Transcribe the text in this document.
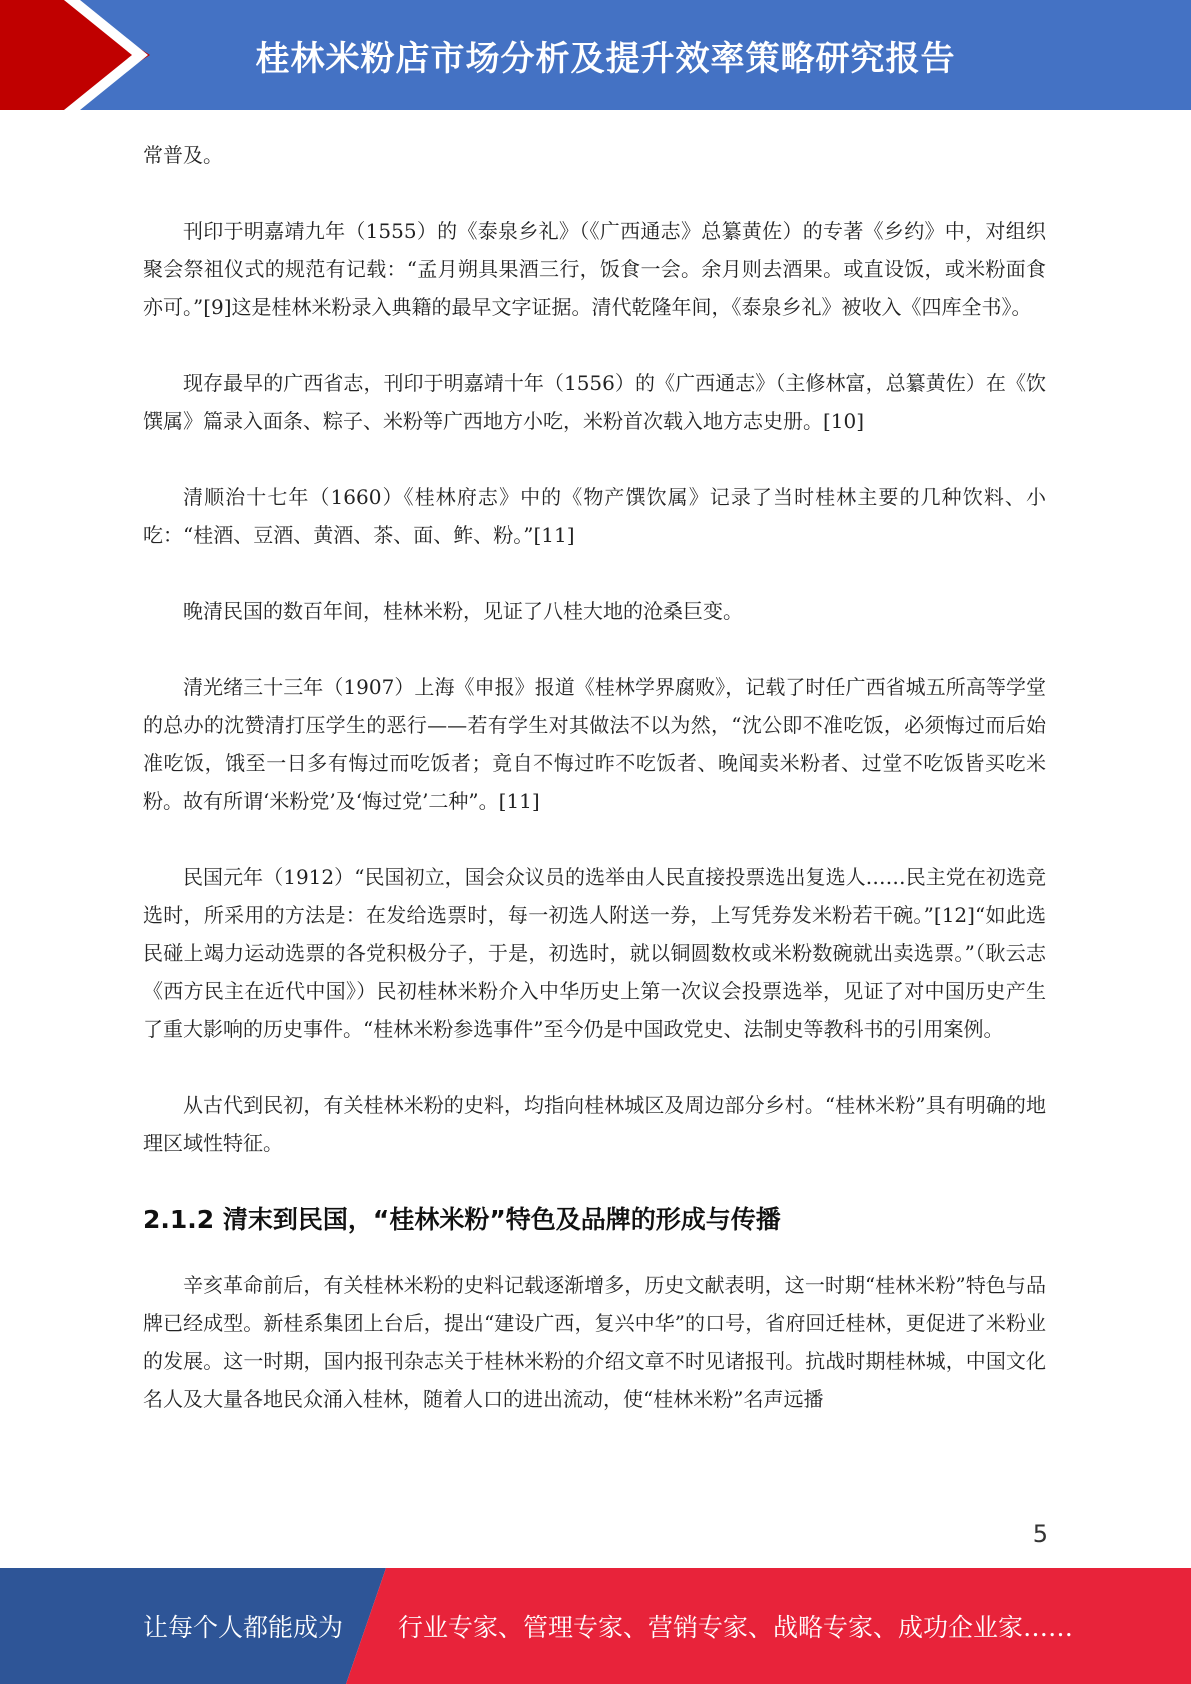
桂林米粉店市场分析及提升效率策略研究报告

常普及。

刊印于明嘉靖九年（1555）的《泰泉乡礼》（《广西通志》总纂黄佐）的专著《乡约》中，对组织聚会祭祖仪式的规范有记载：“孟月朔具果酒三行，饭食一会。余月则去酒果。或直设饭，或米粉面食亦可。”[9]这是桂林米粉录入典籍的最早文字证据。清代乾隆年间，《泰泉乡礼》被收入《四库全书》。

现存最早的广西省志，刊印于明嘉靖十年（1556）的《广西通志》（主修林富，总纂黄佐）在《饮馔属》篇录入面条、粽子、米粉等广西地方小吃，米粉首次载入地方志史册。[10]

清顺治十七年（1660）《桂林府志》中的《物产馔饮属》记录了当时桂林主要的几种饮料、小吃：“桂酒、豆酒、黄酒、茶、面、鲊、粉。”[11]

晚清民国的数百年间，桂林米粉，见证了八桂大地的沧桑巨变。

清光绪三十三年（1907）上海《申报》报道《桂林学界腐败》，记载了时任广西省城五所高等学堂的总办的沈赞清打压学生的恶行——若有学生对其做法不以为然，“沈公即不准吃饭，必须悔过而后始准吃饭，饿至一日多有悔过而吃饭者；竟自不悔过昨不吃饭者、晚闻卖米粉者、过堂不吃饭皆买吃米粉。故有所谓‘米粉党’及‘悔过党’二种”。[11]

民国元年（1912）“民国初立，国会众议员的选举由人民直接投票选出复选人……民主党在初选竞选时，所采用的方法是：在发给选票时，每一初选人附送一券，上写凭券发米粉若干碗。”[12]“如此选民碰上竭力运动选票的各党积极分子，于是，初选时，就以铜圆数枚或米粉数碗就出卖选票。”（耿云志《西方民主在近代中国》）民初桂林米粉介入中华历史上第一次议会投票选举，见证了对中国历史产生了重大影响的历史事件。“桂林米粉参选事件”至今仍是中国政党史、法制史等教科书的引用案例。

从古代到民初，有关桂林米粉的史料，均指向桂林城区及周边部分乡村。“桂林米粉”具有明确的地理区域性特征。

2.1.2 清末到民国，“桂林米粉”特色及品牌的形成与传播

辛亥革命前后，有关桂林米粉的史料记载逐渐增多，历史文献表明，这一时期“桂林米粉”特色与品牌已经成型。新桂系集团上台后，提出“建设广西，复兴中华”的口号，省府回迁桂林，更促进了米粉业的发展。这一时期，国内报刊杂志关于桂林米粉的介绍文章不时见诸报刊。抗战时期桂林城，中国文化名人及大量各地民众涌入桂林，随着人口的进出流动，使“桂林米粉”名声远播

5
让每个人都能成为 行业专家、管理专家、营销专家、战略专家、成功企业家……
